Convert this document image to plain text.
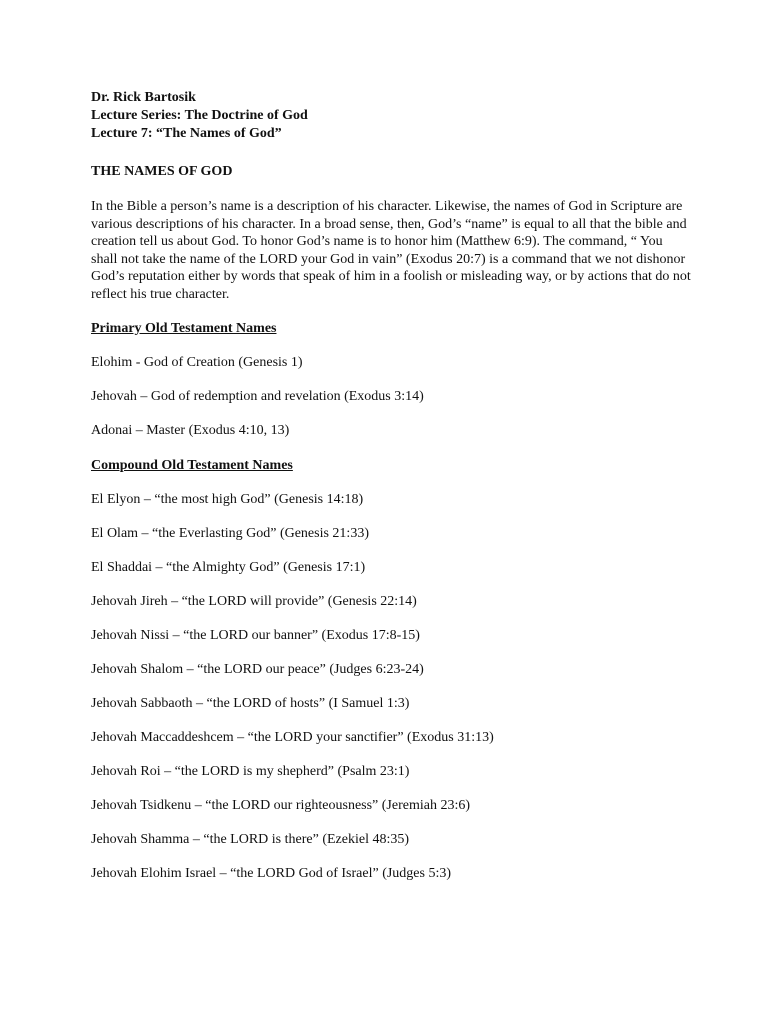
Dr. Rick Bartosik

Lecture Series: The Doctrine of God

Lecture 7: “The Names of God”

THE NAMES OF GOD

In the Bible a person’s name is a description of his character. Likewise, the names of God in Scripture are various descriptions of his character. In a broad sense, then, God’s “name” is equal to all that the bible and creation tell us about God. To honor God’s name is to honor him (Matthew 6:9). The command, “ You shall not take the name of the LORD your God in vain” (Exodus 20:7) is a command that we not dishonor God’s reputation either by words that speak of him in a foolish or misleading way, or by actions that do not reflect his true character.

Primary Old Testament Names

Elohim - God of Creation (Genesis 1)

Jehovah – God of redemption and revelation (Exodus 3:14)

Adonai – Master (Exodus 4:10, 13)

Compound Old Testament Names

El Elyon – “the most high God” (Genesis 14:18)

El Olam – “the Everlasting God” (Genesis 21:33)

El Shaddai – “the Almighty God” (Genesis 17:1)

Jehovah Jireh – “the LORD will provide” (Genesis 22:14)

Jehovah Nissi – “the LORD our banner” (Exodus 17:8-15)

Jehovah Shalom – “the LORD our peace” (Judges 6:23-24)

Jehovah Sabbaoth – “the LORD of hosts” (I Samuel 1:3)

Jehovah Maccaddeshcem – “the LORD your sanctifier” (Exodus 31:13)

Jehovah Roi – “the LORD is my shepherd” (Psalm 23:1)

Jehovah Tsidkenu – “the LORD our righteousness” (Jeremiah 23:6)

Jehovah Shamma – “the LORD is there” (Ezekiel 48:35)

Jehovah Elohim Israel – “the LORD God of Israel” (Judges 5:3)
